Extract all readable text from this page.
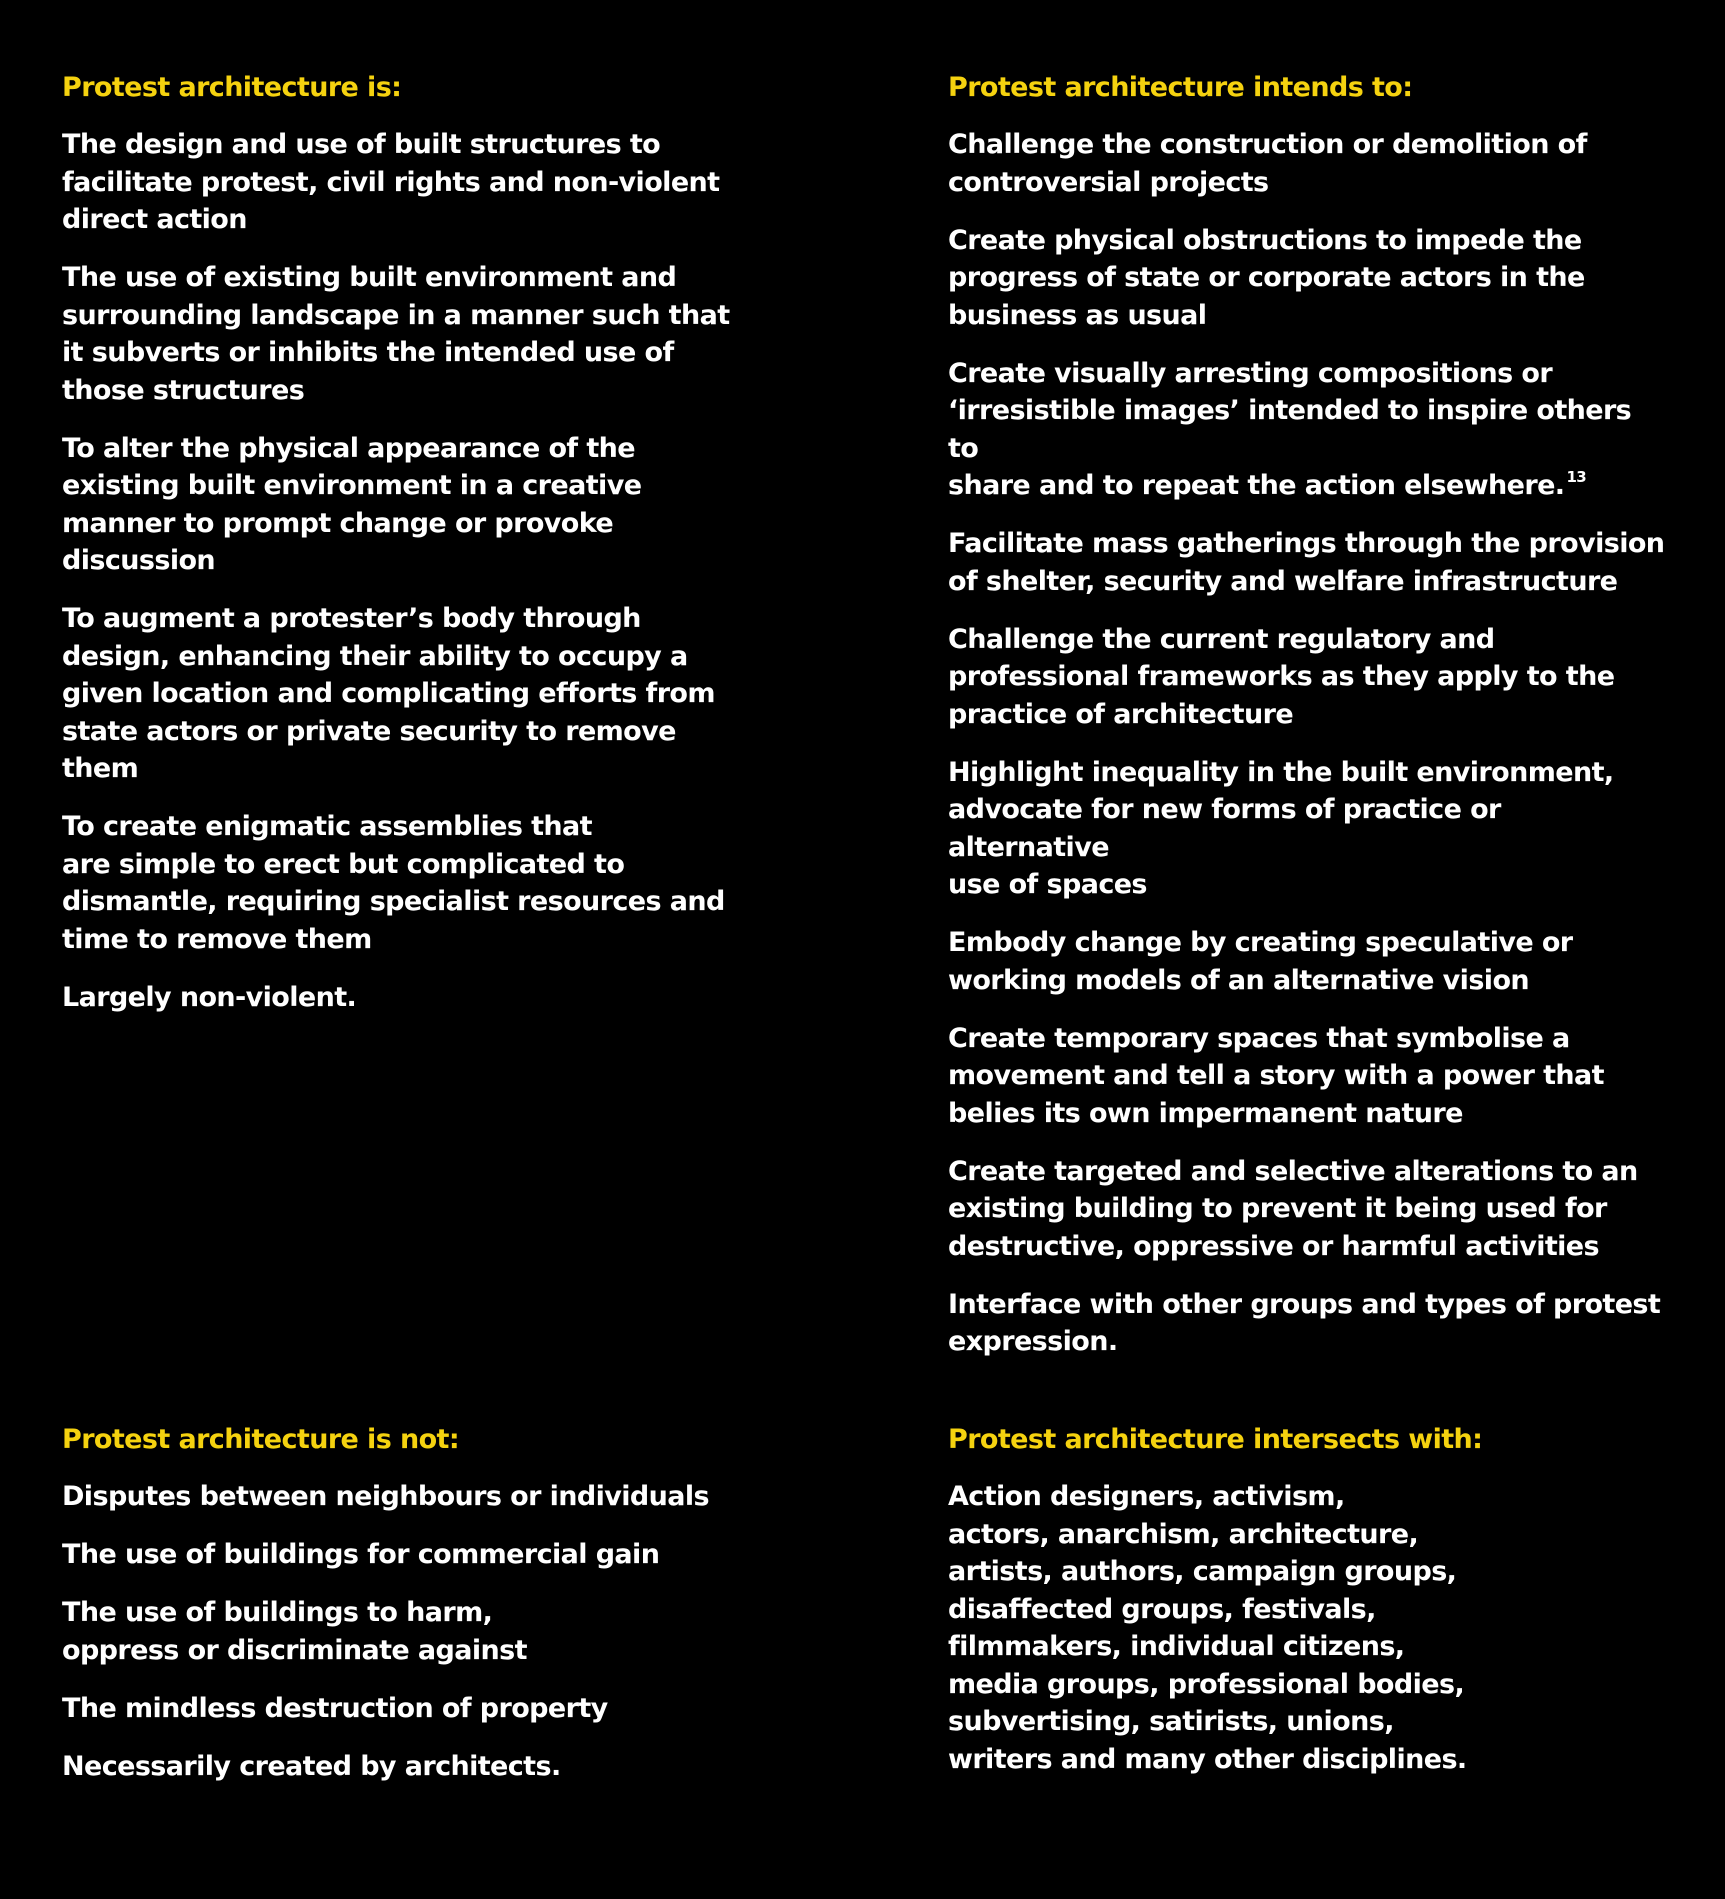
Protest architecture is:
The design and use of built structures to
facilitate protest, civil rights and non-violent
direct action
The use of existing built environment and
surrounding landscape in a manner such that
it subverts or inhibits the intended use of
those structures
To alter the physical appearance of the
existing built environment in a creative
manner to prompt change or provoke
discussion
To augment a protester’s body through
design, enhancing their ability to occupy a
given location and complicating efforts from
state actors or private security to remove
them
To create enigmatic assemblies that
are simple to erect but complicated to
dismantle, requiring specialist resources and
time to remove them
Largely non-violent.
Protest architecture intends to:
Challenge the construction or demolition of
controversial projects
Create physical obstructions to impede the
progress of state or corporate actors in the
business as usual
Create visually arresting compositions or
‘irresistible images’ intended to inspire others to
share and to repeat the action elsewhere. $^{13}$
Facilitate mass gatherings through the provision
of shelter, security and welfare infrastructure
Challenge the current regulatory and
professional frameworks as they apply to the
practice of architecture
Highlight inequality in the built environment,
advocate for new forms of practice or alternative
use of spaces
Embody change by creating speculative or
working models of an alternative vision
Create temporary spaces that symbolise a
movement and tell a story with a power that
belies its own impermanent nature
Create targeted and selective alterations to an
existing building to prevent it being used for
destructive, oppressive or harmful activities
Interface with other groups and types of protest
expression.
Protest architecture is not:
Disputes between neighbours or individuals
The use of buildings for commercial gain
The use of buildings to harm,
oppress or discriminate against
The mindless destruction of property
Necessarily created by architects.
Protest architecture intersects with:
Action designers, activism,
actors, anarchism, architecture,
artists, authors, campaign groups,
disaffected groups, festivals,
filmmakers, individual citizens,
media groups, professional bodies,
subvertising, satirists, unions,
writers and many other disciplines.
